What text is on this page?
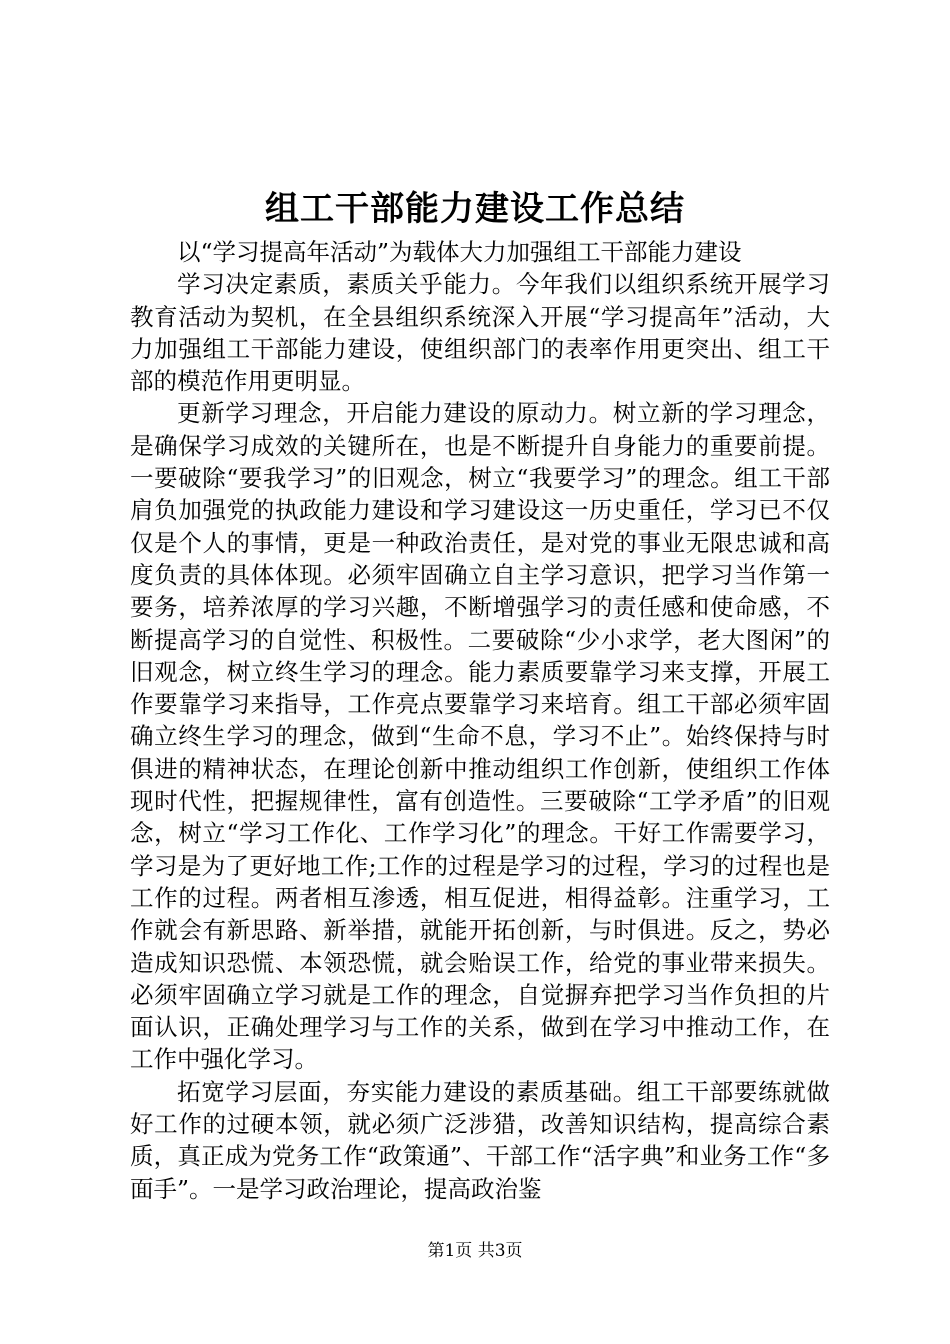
组工干部能力建设工作总结

以“学习提高年活动”为载体大力加强组工干部能力建设

学习决定素质，素质关乎能力。今年我们以组织系统开展学习教育活动为契机，在全县组织系统深入开展“学习提高年”活动，大力加强组工干部能力建设，使组织部门的表率作用更突出、组工干部的模范作用更明显。

更新学习理念，开启能力建设的原动力。树立新的学习理念，是确保学习成效的关键所在，也是不断提升自身能力的重要前提。一要破除“要我学习”的旧观念，树立“我要学习”的理念。组工干部肩负加强党的执政能力建设和学习建设这一历史重任，学习已不仅仅是个人的事情，更是一种政治责任，是对党的事业无限忠诚和高度负责的具体体现。必须牢固确立自主学习意识，把学习当作第一要务，培养浓厚的学习兴趣，不断增强学习的责任感和使命感，不断提高学习的自觉性、积极性。二要破除“少小求学，老大图闲”的旧观念，树立终生学习的理念。能力素质要靠学习来支撑，开展工作要靠学习来指导，工作亮点要靠学习来培育。组工干部必须牢固确立终生学习的理念，做到“生命不息，学习不止”。始终保持与时俱进的精神状态，在理论创新中推动组织工作创新，使组织工作体现时代性，把握规律性，富有创造性。三要破除“工学矛盾”的旧观念，树立“学习工作化、工作学习化”的理念。干好工作需要学习，学习是为了更好地工作;工作的过程是学习的过程，学习的过程也是工作的过程。两者相互渗透，相互促进，相得益彰。注重学习，工作就会有新思路、新举措，就能开拓创新，与时俱进。反之，势必造成知识恐慌、本领恐慌，就会贻误工作，给党的事业带来损失。必须牢固确立学习就是工作的理念，自觉摒弃把学习当作负担的片面认识，正确处理学习与工作的关系，做到在学习中推动工作，在工作中强化学习。

拓宽学习层面，夯实能力建设的素质基础。组工干部要练就做好工作的过硬本领，就必须广泛涉猎，改善知识结构，提高综合素质，真正成为党务工作“政策通”、干部工作“活字典”和业务工作“多面手”。一是学习政治理论，提高政治鉴

第1页 共3页
